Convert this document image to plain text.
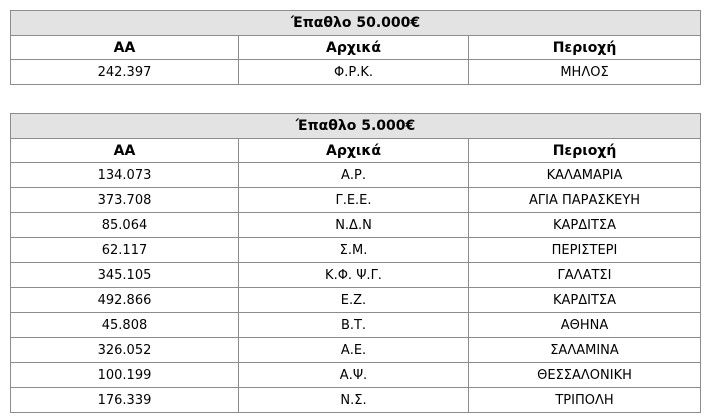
Έπαθλο 50.000€		
ΑΑ	Αρχικά	Περιοχή
242.397	Φ.Ρ.Κ.	ΜΗΛΟΣ
Έπαθλο 5.000€		
ΑΑ	Αρχικά	Περιοχή
134.073	Α.Ρ.	ΚΑΛΑΜΑΡΙΑ
373.708	Γ.Ε.Ε.	ΑΓΙΑ ΠΑΡΑΣΚΕΥΗ
85.064	Ν.Δ.Ν	ΚΑΡΔΙΤΣΑ
62.117	Σ.Μ.	ΠΕΡΙΣΤΕΡΙ
345.105	Κ.Φ. Ψ.Γ.	ΓΑΛΑΤΣΙ
492.866	Ε.Ζ.	ΚΑΡΔΙΤΣΑ
45.808	Β.Τ.	ΑΘΗΝΑ
326.052	Α.Ε.	ΣΑΛΑΜΙΝΑ
100.199	Α.Ψ.	ΘΕΣΣΑΛΟΝΙΚΗ
176.339	Ν.Σ.	ΤΡΙΠΟΛΗ
